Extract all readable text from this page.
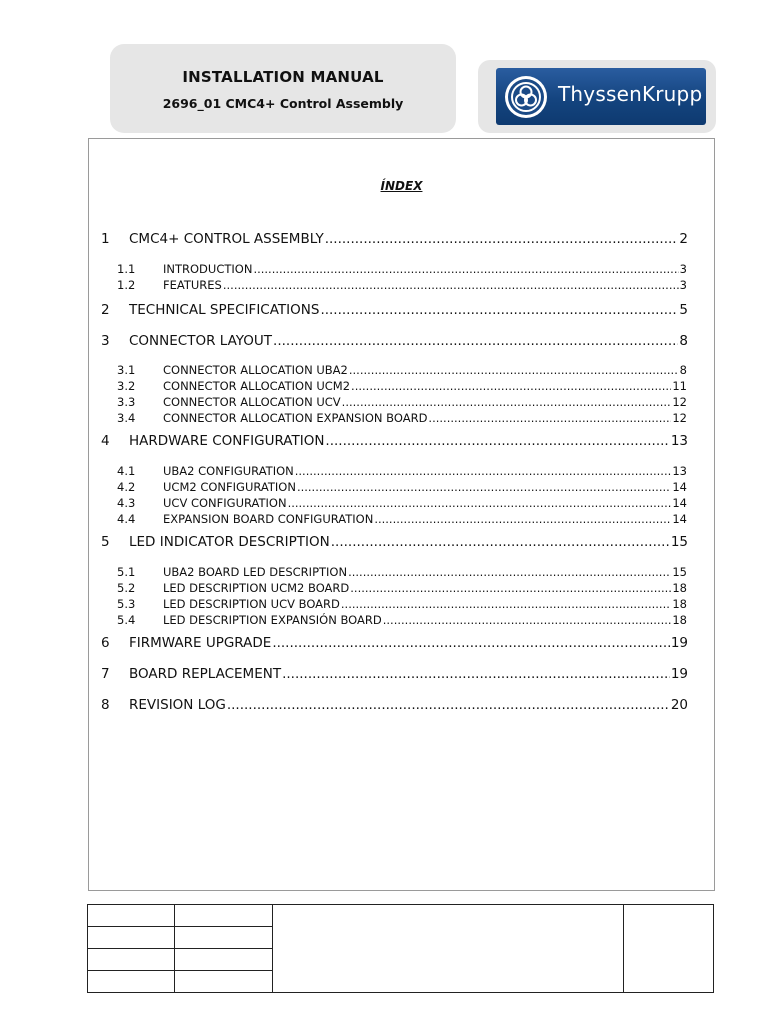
INSTALLATION MANUAL
2696_01 CMC4+ Control Assembly	ThyssenKrupp
ÍNDEX
1	CMC4+ CONTROL ASSEMBLY .....	2
1.1	INTRODUCTION .....	3
1.2	FEATURES .....	3
2	TECHNICAL SPECIFICATIONS .....	5
3	CONNECTOR LAYOUT .....	8
3.1	CONNECTOR ALLOCATION UBA2 .....	8
3.2	CONNECTOR ALLOCATION UCM2 .....	11
3.3	CONNECTOR ALLOCATION UCV .....	12
3.4	CONNECTOR ALLOCATION EXPANSION BOARD .....	12
4	HARDWARE CONFIGURATION .....	13
4.1	UBA2 CONFIGURATION .....	13
4.2	UCM2 CONFIGURATION .....	14
4.3	UCV CONFIGURATION .....	14
4.4	EXPANSION BOARD CONFIGURATION .....	14
5	LED INDICATOR DESCRIPTION .....	15
5.1	UBA2 BOARD LED DESCRIPTION .....	15
5.2	LED DESCRIPTION UCM2 BOARD .....	18
5.3	LED DESCRIPTION UCV BOARD .....	18
5.4	LED DESCRIPTION EXPANSIÓN BOARD .....	18
6	FIRMWARE UPGRADE .....	19
7	BOARD REPLACEMENT .....	19
8	REVISION LOG .....	20
